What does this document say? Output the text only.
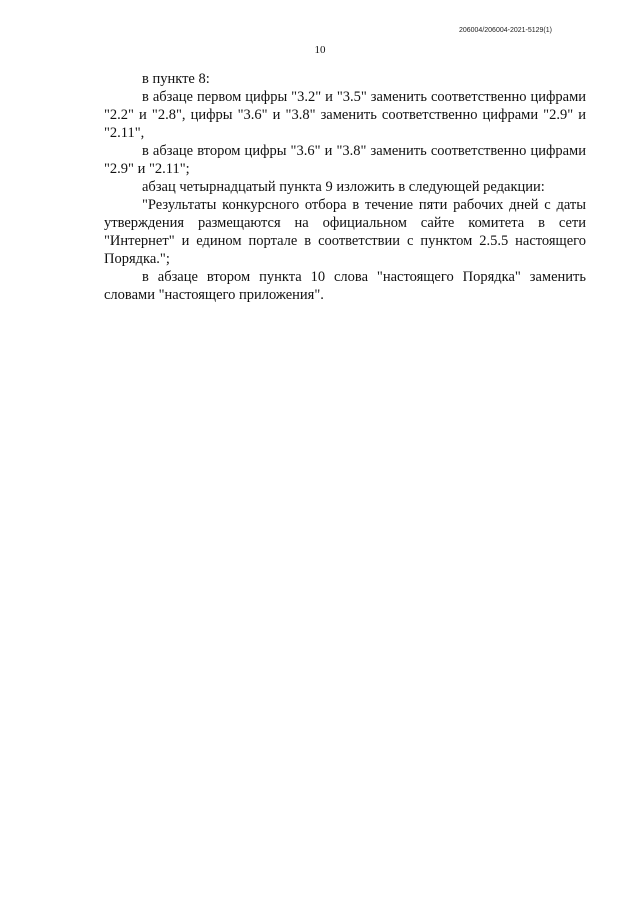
206004/206004-2021-5129(1)
10

в пункте 8:

в абзаце первом цифры "3.2" и "3.5" заменить соответственно цифрами "2.2" и "2.8", цифры "3.6" и "3.8" заменить соответственно цифрами "2.9" и "2.11",

в абзаце втором цифры "3.6" и "3.8" заменить соответственно цифрами "2.9" и "2.11";

абзац четырнадцатый пункта 9 изложить в следующей редакции:

"Результаты конкурсного отбора в течение пяти рабочих дней с даты утверждения размещаются на официальном сайте комитета в сети "Интернет" и едином портале в соответствии с пунктом 2.5.5 настоящего Порядка.";

в абзаце втором пункта 10 слова "настоящего Порядка" заменить словами "настоящего приложения".
